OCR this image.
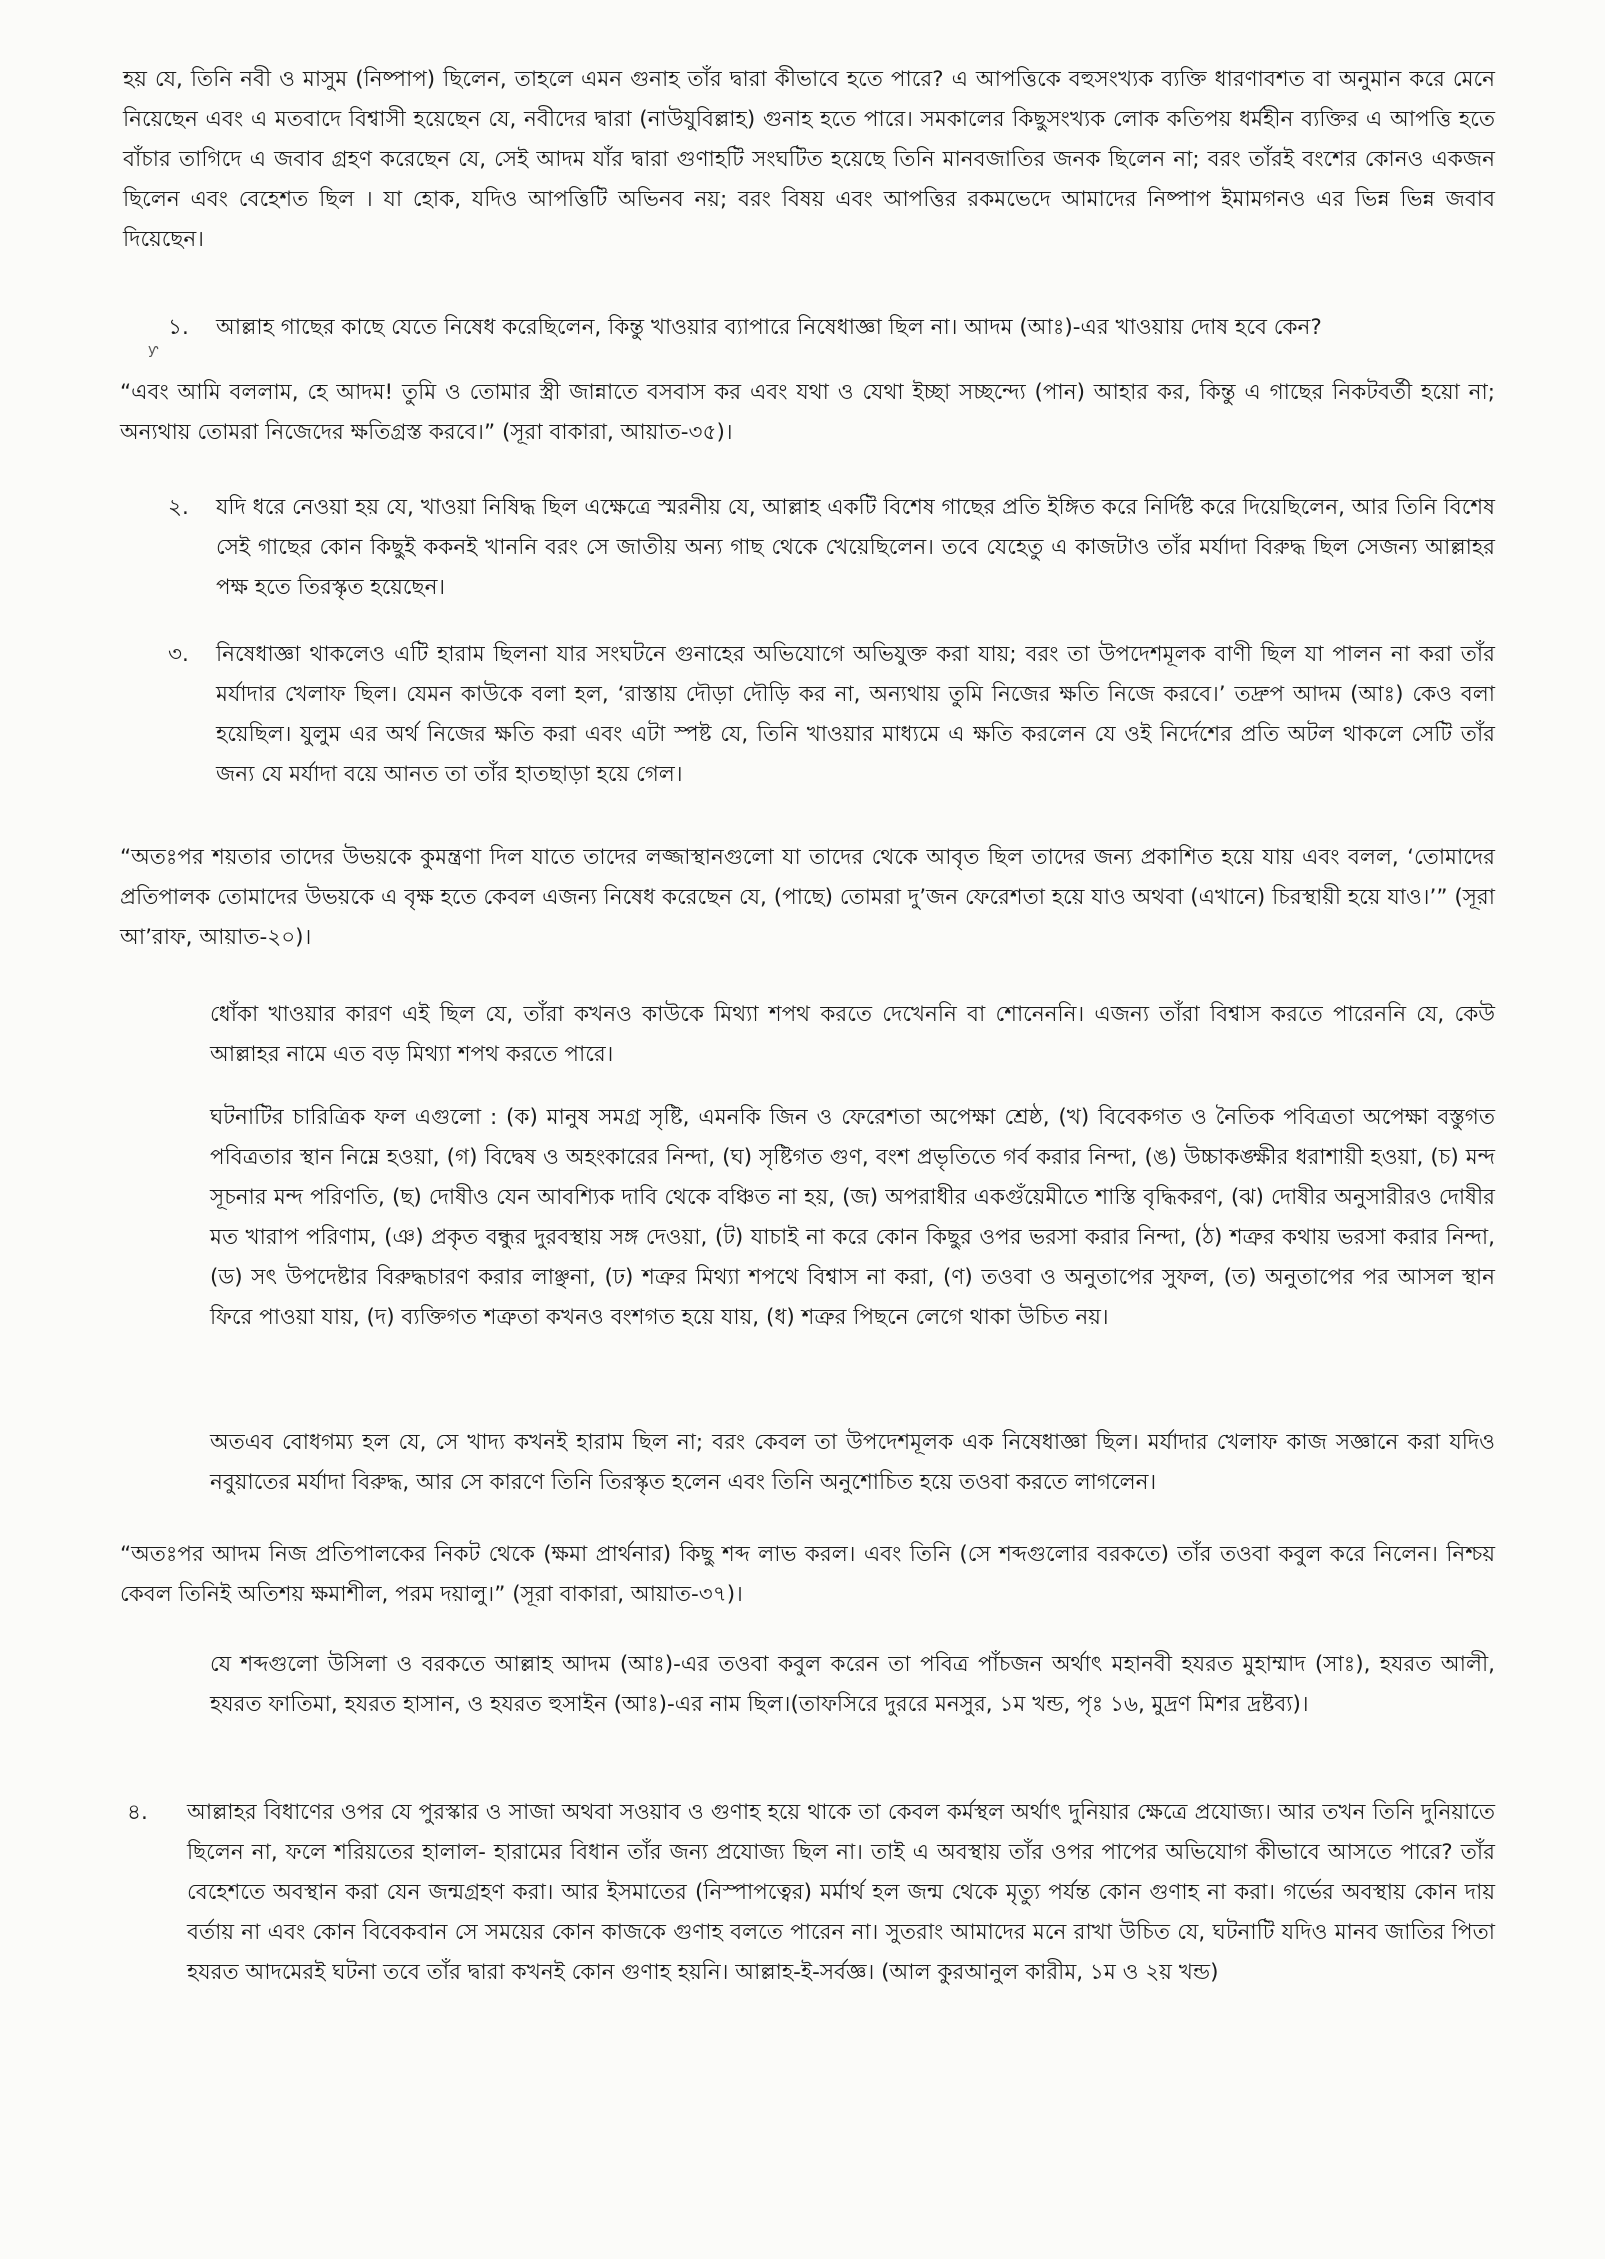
হয় যে, তিনি নবী ও মাসুম (নিষ্পাপ) ছিলেন, তাহলে এমন গুনাহ তাঁর দ্বারা কীভাবে হতে পারে? এ আপত্তিকে বহুসংখ্যক ব্যক্তি ধারণাবশত বা অনুমান করে মেনে নিয়েছেন এবং এ মতবাদে বিশ্বাসী হয়েছেন যে, নবীদের দ্বারা (নাউযুবিল্লাহ) গুনাহ হতে পারে। সমকালের কিছুসংখ্যক লোক কতিপয় ধর্মহীন ব্যক্তির এ আপত্তি হতে বাঁচার তাগিদে এ জবাব গ্রহণ করেছেন যে, সেই আদম যাঁর দ্বারা গুণাহটি সংঘটিত হয়েছে তিনি মানবজাতির জনক ছিলেন না; বরং তাঁরই বংশের কোনও একজন ছিলেন এবং বেহেশত ছিল । যা হোক, যদিও আপত্তিটি অভিনব নয়; বরং বিষয় এবং আপত্তির রকমভেদে আমাদের নিষ্পাপ ইমামগনও এর ভিন্ন ভিন্ন জবাব দিয়েছেন।

১.	আল্লাহ গাছের কাছে যেতে নিষেধ করেছিলেন, কিন্তু খাওয়ার ব্যাপারে নিষেধাজ্ঞা ছিল না। আদম (আঃ)-এর খাওয়ায় দোষ হবে কেন?
ƴ

“এবং আমি বললাম, হে আদম! তুমি ও তোমার স্ত্রী জান্নাতে বসবাস কর এবং যথা ও যেথা ইচ্ছা সচ্ছন্দ্যে (পান) আহার কর, কিন্তু এ গাছের নিকটবর্তী হয়ো না; অন্যথায় তোমরা নিজেদের ক্ষতিগ্রস্ত করবে।” (সূরা বাকারা, আয়াত-৩৫)।

২.	যদি ধরে নেওয়া হয় যে, খাওয়া নিষিদ্ধ ছিল এক্ষেত্রে স্মরনীয় যে, আল্লাহ একটি বিশেষ গাছের প্রতি ইঙ্গিত করে নির্দিষ্ট করে দিয়েছিলেন, আর তিনি বিশেষ সেই গাছের কোন কিছুই ককনই খাননি বরং সে জাতীয় অন্য গাছ থেকে খেয়েছিলেন। তবে যেহেতু এ কাজটাও তাঁর মর্যাদা বিরুদ্ধ ছিল সেজন্য আল্লাহর পক্ষ হতে তিরস্কৃত হয়েছেন।
৩.	নিষেধাজ্ঞা থাকলেও এটি হারাম ছিলনা যার সংঘটনে গুনাহের অভিযোগে অভিযুক্ত করা যায়; বরং তা উপদেশমূলক বাণী ছিল যা পালন না করা তাঁর মর্যাদার খেলাফ ছিল। যেমন কাউকে বলা হল, ‘রাস্তায় দৌড়া দৌড়ি কর না, অন্যথায় তুমি নিজের ক্ষতি নিজে করবে।’ তদ্রুপ আদম (আঃ) কেও বলা হয়েছিল। যুলুম এর অর্থ নিজের ক্ষতি করা এবং এটা স্পষ্ট যে, তিনি খাওয়ার মাধ্যমে এ ক্ষতি করলেন যে ওই নির্দেশের প্রতি অটল থাকলে সেটি তাঁর জন্য যে মর্যাদা বয়ে আনত তা তাঁর হাতছাড়া হয়ে গেল।

“অতঃপর শয়তার তাদের উভয়কে কুমন্ত্রণা দিল যাতে তাদের লজ্জাস্থানগুলো যা তাদের থেকে আবৃত ছিল তাদের জন্য প্রকাশিত হয়ে যায় এবং বলল, ‘তোমাদের প্রতিপালক তোমাদের উভয়কে এ বৃক্ষ হতে কেবল এজন্য নিষেধ করেছেন যে, (পাছে) তোমরা দু’জন ফেরেশতা হয়ে যাও অথবা (এখানে) চিরস্থায়ী হয়ে যাও।’” (সূরা আ’রাফ, আয়াত-২০)।

ধোঁকা খাওয়ার কারণ এই ছিল যে, তাঁরা কখনও কাউকে মিথ্যা শপথ করতে দেখেননি বা শোনেননি। এজন্য তাঁরা বিশ্বাস করতে পারেননি যে, কেউ আল্লাহর নামে এত বড় মিথ্যা শপথ করতে পারে।

ঘটনাটির চারিত্রিক ফল এগুলো : (ক) মানুষ সমগ্র সৃষ্টি, এমনকি জিন ও ফেরেশতা অপেক্ষা শ্রেষ্ঠ, (খ) বিবেকগত ও নৈতিক পবিত্রতা অপেক্ষা বস্তুগত পবিত্রতার স্থান নিম্নে হওয়া, (গ) বিদ্বেষ ও অহংকারের নিন্দা, (ঘ) সৃষ্টিগত গুণ, বংশ প্রভৃতিতে গর্ব করার নিন্দা, (ঙ) উচ্চাকঙ্ক্ষীর ধরাশায়ী হওয়া, (চ) মন্দ সূচনার মন্দ পরিণতি, (ছ) দোষীও যেন আবশ্যিক দাবি থেকে বঞ্চিত না হয়, (জ) অপরাধীর একগুঁয়েমীতে শাস্তি বৃদ্ধিকরণ, (ঝ) দোষীর অনুসারীরও দোষীর মত খারাপ পরিণাম, (ঞ) প্রকৃত বন্ধুর দুরবস্থায় সঙ্গ দেওয়া, (ট) যাচাই না করে কোন কিছুর ওপর ভরসা করার নিন্দা, (ঠ) শত্রুর কথায় ভরসা করার নিন্দা, (ড) সৎ উপদেষ্টার বিরুদ্ধচারণ করার লাঞ্ছনা, (ঢ) শত্রুর মিথ্যা শপথে বিশ্বাস না করা, (ণ) তওবা ও অনুতাপের সুফল, (ত) অনুতাপের পর আসল স্থান ফিরে পাওয়া যায়, (দ) ব্যক্তিগত শত্রুতা কখনও বংশগত হয়ে যায়, (ধ) শত্রুর পিছনে লেগে থাকা উচিত নয়।

অতএব বোধগম্য হল যে, সে খাদ্য কখনই হারাম ছিল না; বরং কেবল তা উপদেশমূলক এক নিষেধাজ্ঞা ছিল। মর্যাদার খেলাফ কাজ সজ্ঞানে করা যদিও নবুয়াতের মর্যাদা বিরুদ্ধ, আর সে কারণে তিনি তিরস্কৃত হলেন এবং তিনি অনুশোচিত হয়ে তওবা করতে লাগলেন।

“অতঃপর আদম নিজ প্রতিপালকের নিকট থেকে (ক্ষমা প্রার্থনার) কিছু শব্দ লাভ করল। এবং তিনি (সে শব্দগুলোর বরকতে) তাঁর তওবা কবুল করে নিলেন। নিশ্চয় কেবল তিনিই অতিশয় ক্ষমাশীল, পরম দয়ালু।” (সূরা বাকারা, আয়াত-৩৭)।

যে শব্দগুলো উসিলা ও বরকতে আল্লাহ আদম (আঃ)-এর তওবা কবুল করেন তা পবিত্র পাঁচজন অর্থাৎ মহানবী হযরত মুহাম্মাদ (সাঃ), হযরত আলী, হযরত ফাতিমা, হযরত হাসান, ও হযরত হুসাইন (আঃ)-এর নাম ছিল।(তাফসিরে দুররে মনসুর, ১ম খন্ড, পৃঃ ১৬, মুদ্রণ মিশর দ্রষ্টব্য)।

৪.	আল্লাহর বিধাণের ওপর যে পুরস্কার ও সাজা অথবা সওয়াব ও গুণাহ হয়ে থাকে তা কেবল কর্মস্থল অর্থাৎ দুনিয়ার ক্ষেত্রে প্রযোজ্য। আর তখন তিনি দুনিয়াতে ছিলেন না, ফলে শরিয়তের হালাল- হারামের বিধান তাঁর জন্য প্রযোজ্য ছিল না। তাই এ অবস্থায় তাঁর ওপর পাপের অভিযোগ কীভাবে আসতে পারে? তাঁর বেহেশতে অবস্থান করা যেন জন্মগ্রহণ করা। আর ইসমাতের (নিস্পাপত্বের) মর্মার্থ হল জন্ম থেকে মৃত্যু পর্যন্ত কোন গুণাহ না করা। গর্ভের অবস্থায় কোন দায় বর্তায় না এবং কোন বিবেকবান সে সময়ের কোন কাজকে গুণাহ বলতে পারেন না। সুতরাং আমাদের মনে রাখা উচিত যে, ঘটনাটি যদিও মানব জাতির পিতা হযরত আদমেরই ঘটনা তবে তাঁর দ্বারা কখনই কোন গুণাহ হয়নি। আল্লাহ-ই-সর্বজ্ঞ। (আল কুরআনুল কারীম, ১ম ও ২য় খন্ড)
